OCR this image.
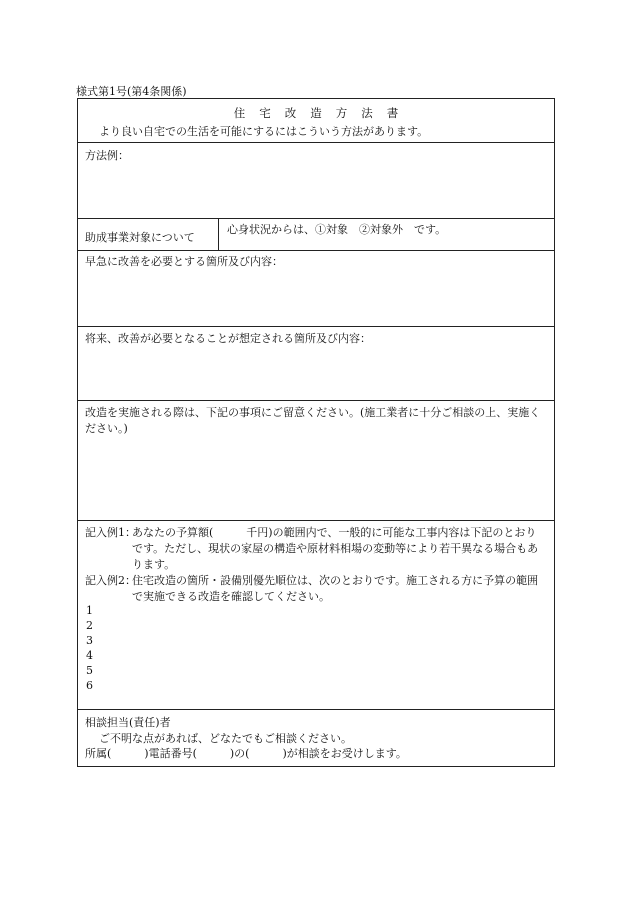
様式第1号(第4条関係)
住宅改造方法書
より良い自宅での生活を可能にするにはこういう方法があります。
方法例：
助成事業対象について
心身状況からは、①対象　②対象外　です。
早急に改善を必要とする箇所及び内容：
将来、改善が必要となることが想定される箇所及び内容：
改造を実施される際は、下記の事項にご留意ください。(施工業者に十分ご相談の上、実施ください。)
記入例1：
あなたの予算額(　　　千円)の範囲内で、一般的に可能な工事内容は下記のとおりです。ただし、現状の家屋の構造や原材料相場の変動等により若干異なる場合もあります。
記入例2：
住宅改造の箇所・設備別優先順位は、次のとおりです。施工される方に予算の範囲で実施できる改造を確認してください。
1
2
3
4
5
6
相談担当(責任)者
ご不明な点があれば、どなたでもご相談ください。
所属(　　　)電話番号(　　　)の(　　　)が相談をお受けします。
